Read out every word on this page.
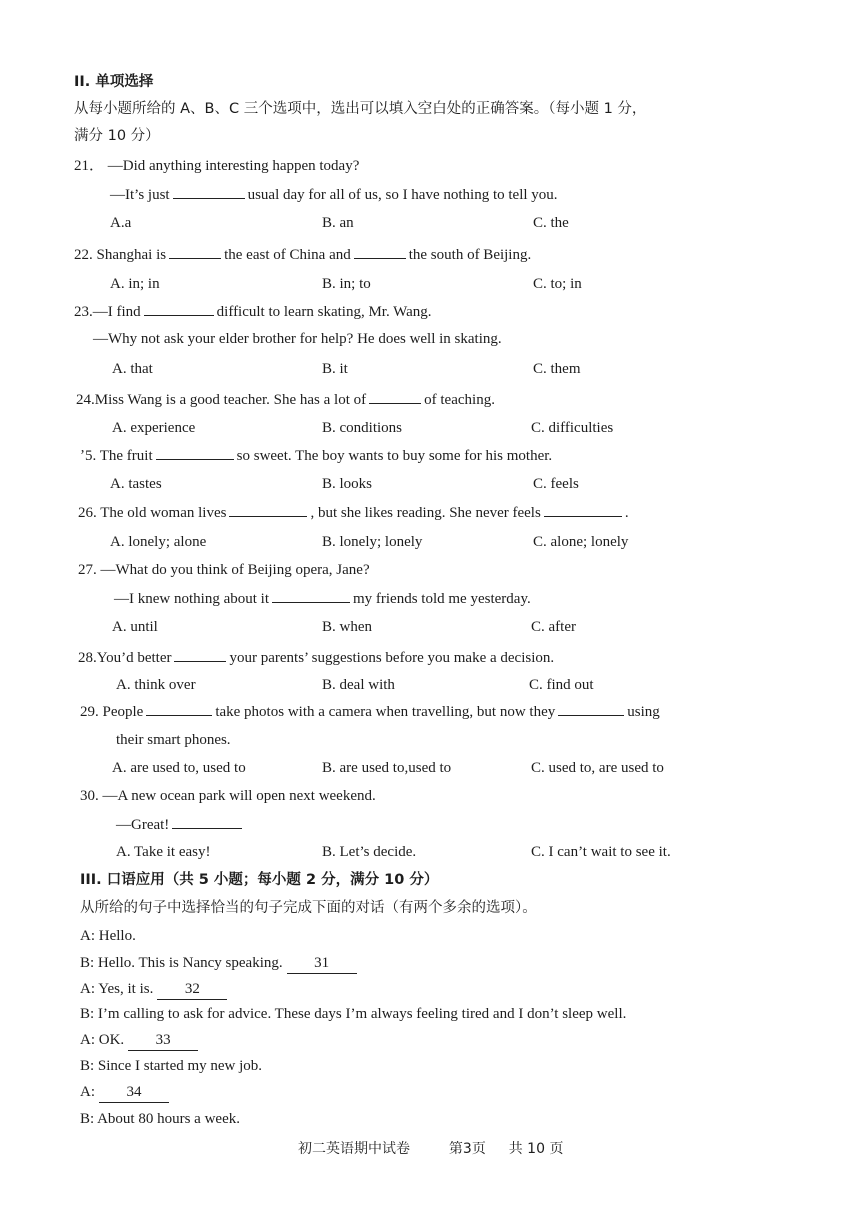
II. 单项选择
从每小题所给的 A、B、C 三个选项中，选出可以填入空白处的正确答案。（每小题 1 分，
满分 10 分）
21． —Did anything interesting happen today?
—It’s just	usual day for all of us, so I have nothing to tell you.
A.a	B. an	C. the
22. Shanghai is	the east of China and	the south of Beijing.
A. in; in	B. in; to	C. to; in
23.—I find	difficult to learn skating, Mr. Wang.
—Why not ask your elder brother for help? He does well in skating.
A. that	B. it	C. them
24.Miss Wang is a good teacher. She has a lot of	of teaching.
A. experience	B. conditions	C. difficulties
ʼ5. The fruit	so sweet. The boy wants to buy some for his mother.
A. tastes	B. looks	C. feels
26. The old woman lives	, but she likes reading. She never feels	.
A. lonely; alone	B. lonely; lonely	C. alone; lonely
27. —What do you think of Beijing opera, Jane?
—I knew nothing about it	my friends told me yesterday.
A. until	B. when	C. after
28.You’d better	your parents’ suggestions before you make a decision.
A. think over	B. deal with	C. find out
29. People	take photos with a camera when travelling, but now they	using
their smart phones.
A. are used to, used to	B. are used to,used to	C. used to, are used to
30. —A new ocean park will open next weekend.
—Great!
A. Take it easy!	B. Let’s decide.	C. I can’t wait to see it.
III. 口语应用（共 5 小题；每小题 2 分，满分 10 分）
从所给的句子中选择恰当的句子完成下面的对话（有两个多余的选项）。
A: Hello.
B: Hello. This is Nancy speaking. 31
A: Yes, it is. 32
B: I’m calling to ask for advice. These days I’m always feeling tired and I don’t sleep well.
A: OK. 33
B: Since I started my new job.
A: 34
B: About 80 hours a week.
初二英语期中试卷	第3页 共 10 页
